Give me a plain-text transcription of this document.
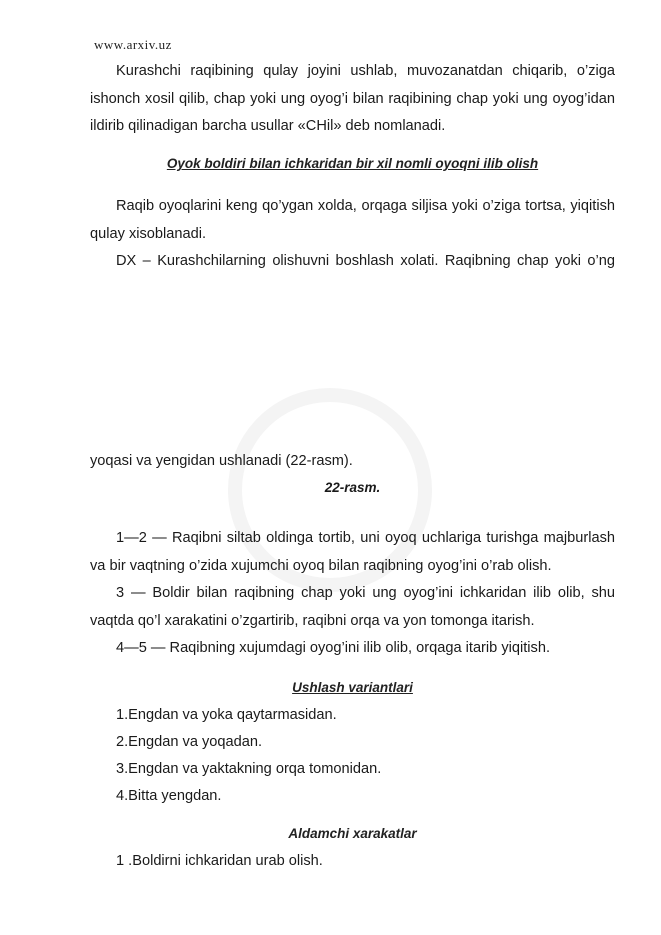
www.arxiv.uz

Kurashchi raqibining qulay joyini ushlab, muvozanatdan chiqarib, o’ziga ishonch xosil qilib, chap yoki ung oyog’i bilan raqibining chap yoki ung oyog’idan ildirib qilinadigan barcha usullar «CHil» deb nomlanadi.

Oyok boldiri bilan ichkaridan bir xil nomli oyoqni ilib olish

Raqib oyoqlarini keng qo’ygan xolda, orqaga siljisa yoki o’ziga tortsa, yiqitish qulay xisoblanadi.

DX – Kurashchilarning olishuvni boshlash xolati. Raqibning chap yoki o’ng

yoqasi va yengidan ushlanadi (22-rasm).

22-rasm.

1—2 — Raqibni siltab oldinga tortib, uni oyoq uchlariga turishga majburlash va bir vaqtning o’zida xujumchi oyoq bilan raqibning oyog’ini o’rab olish.

3 — Boldir bilan raqibning chap yoki ung oyog’ini ichkaridan ilib olib, shu vaqtda qo’l xarakatini o’zgartirib, raqibni orqa va yon tomonga itarish.

4—5 — Raqibning xujumdagi oyog’ini ilib olib, orqaga itarib yiqitish.

Ushlash variantlari

1.Engdan va yoka qaytarmasidan.

2.Engdan va yoqadan.

3.Engdan va yaktakning orqa tomonidan.

4.Bitta yengdan.

Aldamchi xarakatlar

1 .Boldirni ichkaridan urab olish.
